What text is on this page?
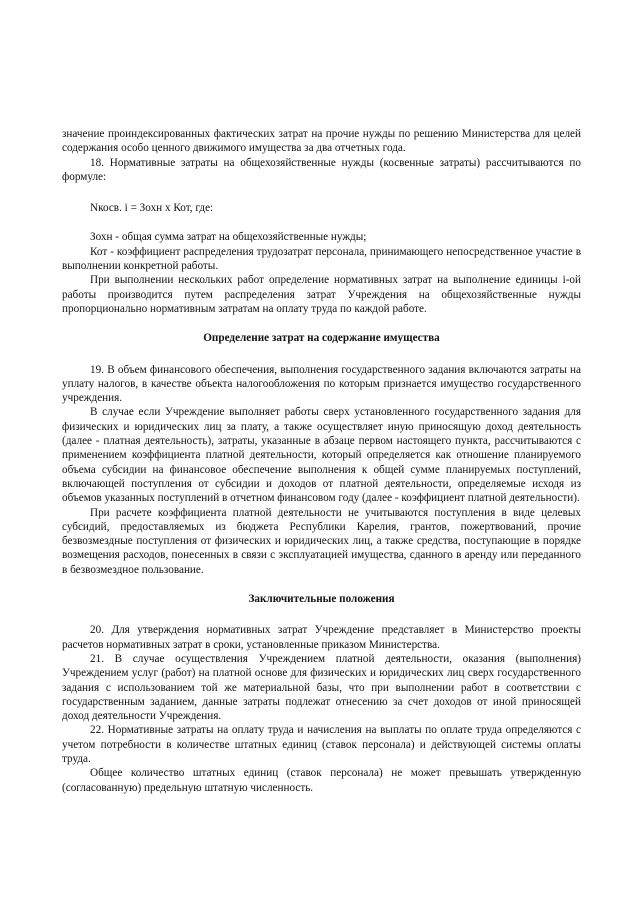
значение проиндексированных фактических затрат на прочие нужды по решению Министерства для целей содержания особо ценного движимого имущества за два отчетных года.

18. Нормативные затраты на общехозяйственные нужды (косвенные затраты) рассчитываются по формуле:

Nкосв. i = Зохн x Кот, где:

Зохн - общая сумма затрат на общехозяйственные нужды;

Кот - коэффициент распределения трудозатрат персонала, принимающего непосредственное участие в выполнении конкретной работы.

При выполнении нескольких работ определение нормативных затрат на выполнение единицы i-ой работы производится путем распределения затрат Учреждения на общехозяйственные нужды пропорционально нормативным затратам на оплату труда по каждой работе.

Определение затрат на содержание имущества

19. В объем финансового обеспечения, выполнения государственного задания включаются затраты на уплату налогов, в качестве объекта налогообложения по которым признается имущество государственного учреждения.

В случае если Учреждение выполняет работы сверх установленного государственного задания для физических и юридических лиц за плату, а также осуществляет иную приносящую доход деятельность (далее - платная деятельность), затраты, указанные в абзаце первом настоящего пункта, рассчитываются с применением коэффициента платной деятельности, который определяется как отношение планируемого объема субсидии на финансовое обеспечение выполнения к общей сумме планируемых поступлений, включающей поступления от субсидии и доходов от платной деятельности, определяемые исходя из объемов указанных поступлений в отчетном финансовом году (далее - коэффициент платной деятельности).

При расчете коэффициента платной деятельности не учитываются поступления в виде целевых субсидий, предоставляемых из бюджета Республики Карелия, грантов, пожертвований, прочие безвозмездные поступления от физических и юридических лиц, а также средства, поступающие в порядке возмещения расходов, понесенных в связи с эксплуатацией имущества, сданного в аренду или переданного в безвозмездное пользование.

Заключительные положения

20. Для утверждения нормативных затрат Учреждение представляет в Министерство проекты расчетов нормативных затрат в сроки, установленные приказом Министерства.

21. В случае осуществления Учреждением платной деятельности, оказания (выполнения) Учреждением услуг (работ) на платной основе для физических и юридических лиц сверх государственного задания с использованием той же материальной базы, что при выполнении работ в соответствии с государственным заданием, данные затраты подлежат отнесению за счет доходов от иной приносящей доход деятельности Учреждения.

22. Нормативные затраты на оплату труда и начисления на выплаты по оплате труда определяются с учетом потребности в количестве штатных единиц (ставок персонала) и действующей системы оплаты труда.

Общее количество штатных единиц (ставок персонала) не может превышать утвержденную (согласованную) предельную штатную численность.
